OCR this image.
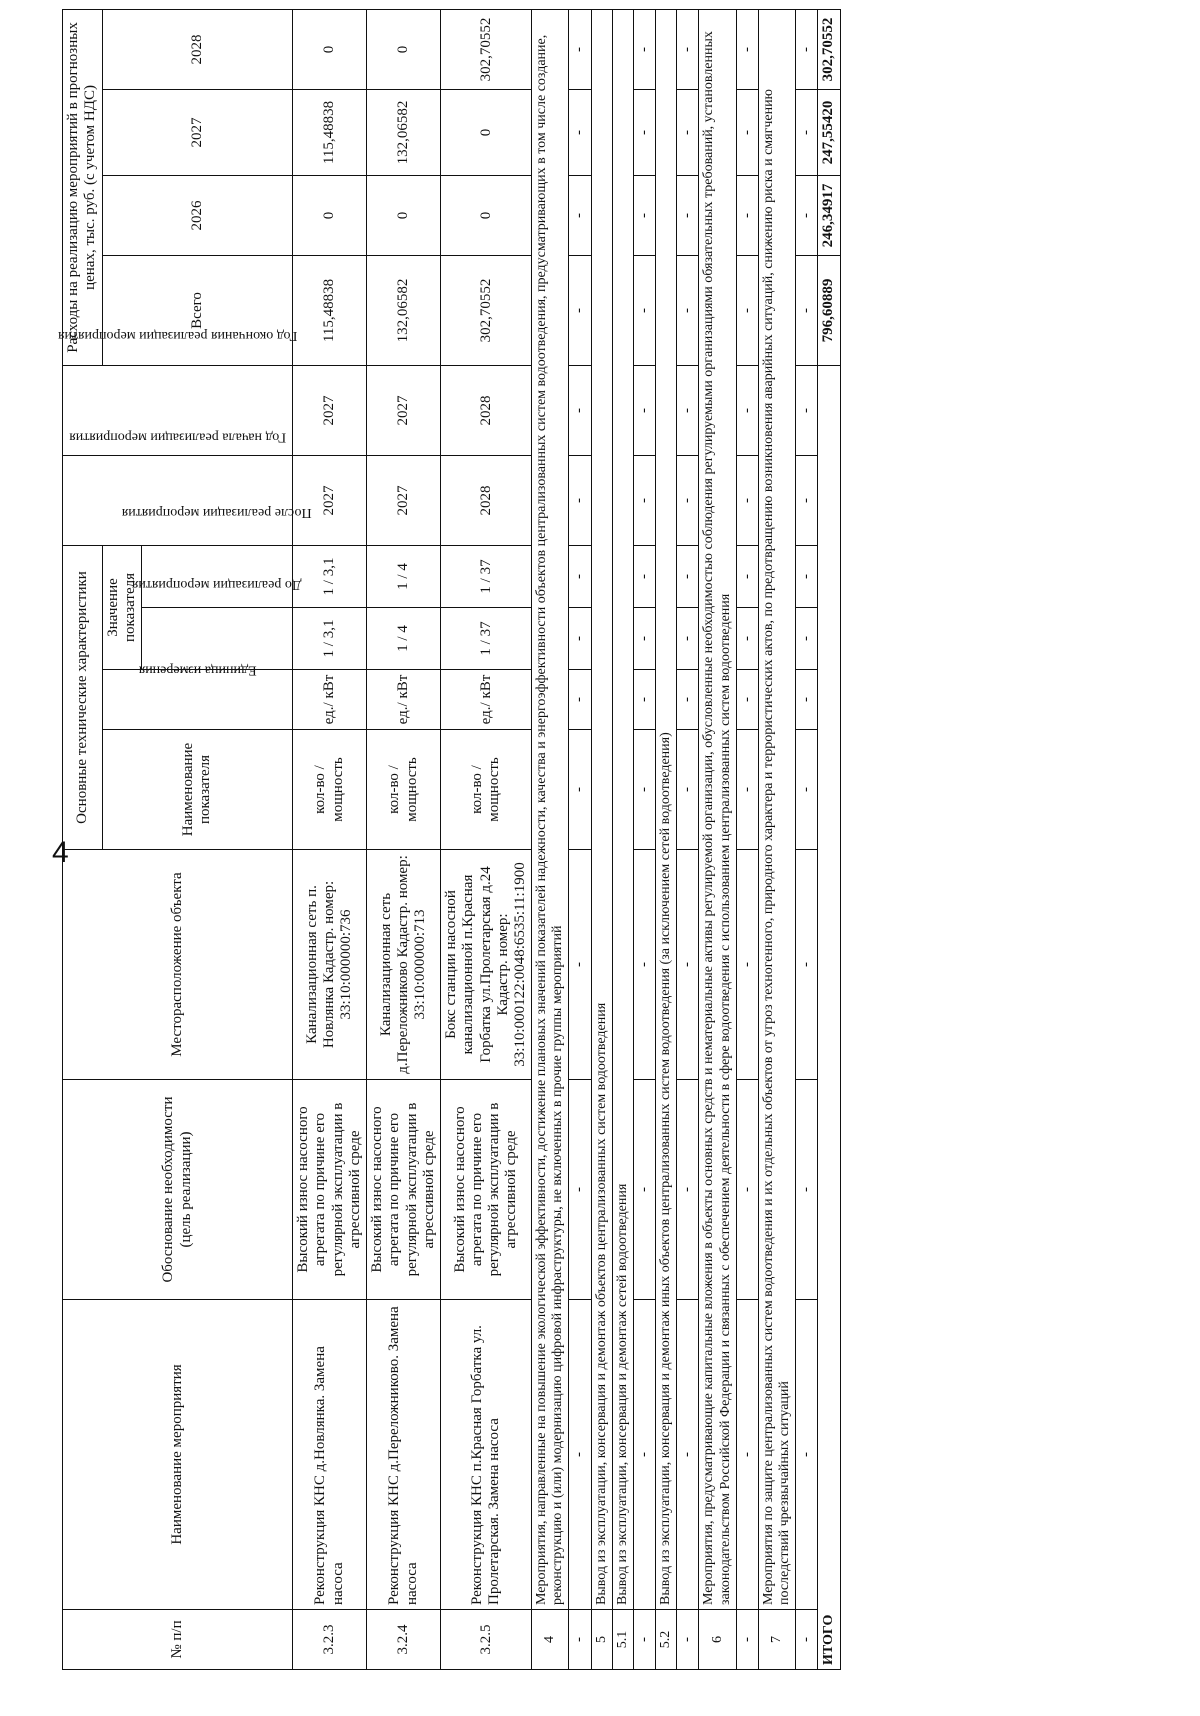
4
№ п/п	Наименование мероприятия	Обоснование необходимости (цель реализации)	Месторасположение объекта	Основные технические характеристики				Год начала реализации мероприятия	Год окончания реализации мероприятия	Расходы на реализацию мероприятий в прогнозных ценах, тыс. руб. (с учетом НДС)			
				Наименование показателя	Единица измерения	Значение показателя				Всего	2026	2027	2028
						До реализации мероприятия	После реализации мероприятия						
3.2.3	Реконструкция КНС д.Новлянка. Замена насоса	Высокий износ насосного агрегата по причине его регулярной эксплуатации в агрессивной среде	Канализационная сеть п. Новлянка Кадастр. номер: 33:10:000000:736	кол-во / мощность	ед./ кВт	1 / 3,1	1 / 3,1	2027	2027	115,48838	0	115,48838	0
3.2.4	Реконструкция КНС д.Переложниково. Замена насоса	Высокий износ насосного агрегата по причине его регулярной эксплуатации в агрессивной среде	Канализационная сеть д.Переложниково Кадастр. номер: 33:10:000000:713	кол-во / мощность	ед./ кВт	1 / 4	1 / 4	2027	2027	132,06582	0	132,06582	0
3.2.5	Реконструкция КНС п.Красная Горбатка ул. Пролетарская. Замена насоса	Высокий износ насосного агрегата по причине его регулярной эксплуатации в агрессивной среде	Бокс станции насосной канализационной п.Красная Горбатка ул.Пролетарская д.24 Кадастр. номер: 33:10:000122:0048:6535:11:1900	кол-во / мощность	ед./ кВт	1 / 37	1 / 37	2028	2028	302,70552	0	0	302,70552
4	Мероприятия, направленные на повышение экологической эффективности, достижение плановых значений показателей надежности, качества и энергоэффективности объектов централизованных систем водоотведения, предусматривающих в том числе создание, реконструкцию и (или) модернизацию цифровой инфраструктуры, не включенных в прочие группы мероприятий												
-	-	-	-	-	-	-	-	-	-	-	-	-	-
5	Вывод из эксплуатации, консервация и демонтаж объектов централизованных систем водоотведения												
5.1	Вывод из эксплуатации, консервация и демонтаж сетей водоотведения												
-	-	-	-	-	-	-	-	-	-	-	-	-	-
5.2	Вывод из эксплуатации, консервация и демонтаж иных объектов централизованных систем водоотведения (за исключением сетей водоотведения)												
-	-	-	-	-	-	-	-	-	-	-	-	-	-
6	Мероприятия, предусматривающие капитальные вложения в объекты основных средств и нематериальные активы регулируемой организации, обусловленные необходимостью соблюдения регулируемыми организациями обязательных требований, установленных законодательством Российской Федерации и связанных с обеспечением деятельности в сфере водоотведения с использованием централизованных систем водоотведения												
-	-	-	-	-	-	-	-	-	-	-	-	-	-
7	Мероприятия по защите централизованных систем водоотведения и их отдельных объектов от угроз техногенного, природного характера и террористических актов, по предотвращению возникновения аварийных ситуаций, снижению риска и смягчению последствий чрезвычайных ситуаций												
-	-	-	-	-	-	-	-	-	-	-	-	-	-
ИТОГО										796,60889	246,34917	247,55420	302,70552
